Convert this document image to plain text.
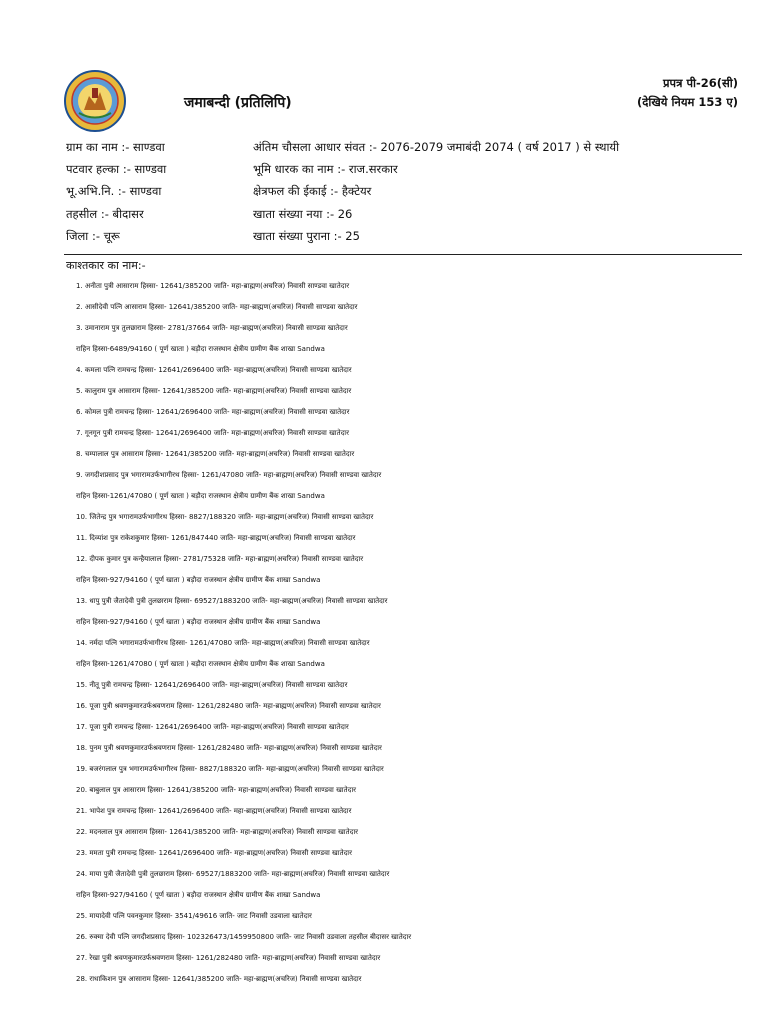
जमाबन्दी (प्रतिलिपि)
प्रपत्र पी-26(सी)
(देखिये नियम 153 ए)
ग्राम का नाम :- साण्डवा
पटवार हल्का :- साण्डवा
भू.अभि.नि. :- साण्डवा
तहसील :- बीदासर
जिला :- चूरू
अंतिम चौसला आधार संवत :- 2076-2079 जमाबंदी 2074 ( वर्ष 2017 ) से स्थायी
भूमि धारक का नाम :- राज.सरकार
क्षेत्रफल की ईकाई :- हैक्टेयर
खाता संख्या नया :- 26
खाता संख्या पुराना :- 25
काश्तकार का नाम:-
1. अनीता पुत्री आसाराम हिस्सा- 12641/385200 जाति- महा-ब्राह्मण(अचरिज) निवासी साण्डवा खातेदार
2. आसीदेवी पत्नि आसाराम हिस्सा- 12641/385200 जाति- महा-ब्राह्मण(अचरिज) निवासी साण्डवा खातेदार
3. उमानाराम पुत्र तुलछाराम हिस्सा- 2781/37664 जाति- महा-ब्राह्मण(अचरिज) निवासी साण्डवा खातेदार
राहिन हिस्सा-6489/94160 ( पूर्ण खाता ) बड़ौदा राजस्थान क्षेत्रीय ग्रामीण बैंक शाखा Sandwa
4. कमला पत्नि रामचन्द्र हिस्सा- 12641/2696400 जाति- महा-ब्राह्मण(अचरिज) निवासी साण्डवा खातेदार
5. कालुराम पुत्र आसाराम हिस्सा- 12641/385200 जाति- महा-ब्राह्मण(अचरिज) निवासी साण्डवा खातेदार
6. कोमल पुत्री रामचन्द्र हिस्सा- 12641/2696400 जाति- महा-ब्राह्मण(अचरिज) निवासी साण्डवा खातेदार
7. गूनगून पुत्री रामचन्द्र हिस्सा- 12641/2696400 जाति- महा-ब्राह्मण(अचरिज) निवासी साण्डवा खातेदार
8. चम्पालाल पुत्र आसाराम हिस्सा- 12641/385200 जाति- महा-ब्राह्मण(अचरिज) निवासी साण्डवा खातेदार
9. जगदीशप्रसाद पुत्र भगारामउर्फभागीरथ हिस्सा- 1261/47080 जाति- महा-ब्राह्मण(अचरिज) निवासी साण्डवा खातेदार
राहिन हिस्सा-1261/47080 ( पूर्ण खाता ) बड़ौदा राजस्थान क्षेत्रीय ग्रामीण बैंक शाखा Sandwa
10. जितेन्द्र पुत्र भगारामउर्फभागीरथ हिस्सा- 8827/188320 जाति- महा-ब्राह्मण(अचरिज) निवासी साण्डवा खातेदार
11. दिव्यांश पुत्र राकेशकुमार हिस्सा- 1261/847440 जाति- महा-ब्राह्मण(अचरिज) निवासी साण्डवा खातेदार
12. दीपक कुमार पुत्र कन्हैयालाल हिस्सा- 2781/75328 जाति- महा-ब्राह्मण(अचरिज) निवासी साण्डवा खातेदार
राहिन हिस्सा-927/94160 ( पूर्ण खाता ) बड़ौदा राजस्थान क्षेत्रीय ग्रामीण बैंक शाखा Sandwa
13. धापु पुत्री जैतादेवी पुत्री तुलछाराम हिस्सा- 69527/1883200 जाति- महा-ब्राह्मण(अचरिज) निवासी साण्डवा खातेदार
राहिन हिस्सा-927/94160 ( पूर्ण खाता ) बड़ौदा राजस्थान क्षेत्रीय ग्रामीण बैंक शाखा Sandwa
14. नर्मदा पत्नि भगारामउर्फभागीरथ हिस्सा- 1261/47080 जाति- महा-ब्राह्मण(अचरिज) निवासी साण्डवा खातेदार
राहिन हिस्सा-1261/47080 ( पूर्ण खाता ) बड़ौदा राजस्थान क्षेत्रीय ग्रामीण बैंक शाखा Sandwa
15. नीतू पुत्री रामचन्द्र हिस्सा- 12641/2696400 जाति- महा-ब्राह्मण(अचरिज) निवासी साण्डवा खातेदार
16. पूजा पुत्री श्रवणकुमारउर्फश्रवणराम हिस्सा- 1261/282480 जाति- महा-ब्राह्मण(अचरिज) निवासी साण्डवा खातेदार
17. पूजा पुत्री रामचन्द्र हिस्सा- 12641/2696400 जाति- महा-ब्राह्मण(अचरिज) निवासी साण्डवा खातेदार
18. पुनम पुत्री श्रवणकुमारउर्फश्रवणराम हिस्सा- 1261/282480 जाति- महा-ब्राह्मण(अचरिज) निवासी साण्डवा खातेदार
19. बजरंगलाल पुत्र भगारामउर्फभागीरथ हिस्सा- 8827/188320 जाति- महा-ब्राह्मण(अचरिज) निवासी साण्डवा खातेदार
20. बाबुलाल पुत्र आसाराम हिस्सा- 12641/385200 जाति- महा-ब्राह्मण(अचरिज) निवासी साण्डवा खातेदार
21. भापेश पुत्र रामचन्द्र हिस्सा- 12641/2696400 जाति- महा-ब्राह्मण(अचरिज) निवासी साण्डवा खातेदार
22. मदनलाल पुत्र आसाराम हिस्सा- 12641/385200 जाति- महा-ब्राह्मण(अचरिज) निवासी साण्डवा खातेदार
23. ममता पुत्री रामचन्द्र हिस्सा- 12641/2696400 जाति- महा-ब्राह्मण(अचरिज) निवासी साण्डवा खातेदार
24. माया पुत्री जैतादेवी पुत्री तुलछाराम हिस्सा- 69527/1883200 जाति- महा-ब्राह्मण(अचरिज) निवासी साण्डवा खातेदार
राहिन हिस्सा-927/94160 ( पूर्ण खाता ) बड़ौदा राजस्थान क्षेत्रीय ग्रामीण बैंक शाखा Sandwa
25. मायादेवी पत्नि पवनकुमार हिस्सा- 3541/49616 जाति- जाट निवासी उडवाला खातेदार
26. रुक्मा देवी पत्नि जगदीशप्रसाद हिस्सा- 102326473/1459950800 जाति- जाट निवासी उडवाला तहसील बीदासर खातेदार
27. रेखा पुत्री श्रवणकुमारउर्फश्रवणराम हिस्सा- 1261/282480 जाति- महा-ब्राह्मण(अचरिज) निवासी साण्डवा खातेदार
28. राधाकिशन पुत्र आसाराम हिस्सा- 12641/385200 जाति- महा-ब्राह्मण(अचरिज) निवासी साण्डवा खातेदार
